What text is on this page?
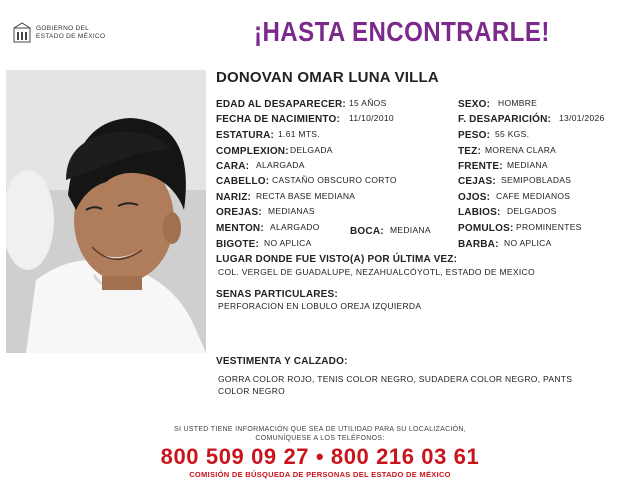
GOBIERNO DEL
ESTADO DE MÉXICO	¡HASTA ENCONTRARLE!
DONOVAN OMAR LUNA VILLA
EDAD AL DESAPARECER: 15 AÑOS
FECHA DE NACIMIENTO: 11/10/2010
ESTATURA: 1.61 MTS.
COMPLEXION: DELGADA
CARA: ALARGADA
CABELLO: CASTAÑO OBSCURO CORTO
NARIZ: RECTA BASE MEDIANA
OREJAS: MEDIANAS
MENTON: ALARGADO	BOCA: MEDIANA
BIGOTE: NO APLICA
SEXO: HOMBRE
F. DESAPARICIÓN: 13/01/2026
PESO: 55 KGS.
TEZ: MORENA CLARA
FRENTE: MEDIANA
CEJAS: SEMIPOBLADAS
OJOS: CAFE MEDIANOS
LABIOS: DELGADOS
POMULOS: PROMINENTES
BARBA: NO APLICA
LUGAR DONDE FUE VISTO(A) POR ÚLTIMA VEZ:
COL. VERGEL DE GUADALUPE, NEZAHUALCÓYOTL, ESTADO DE MEXICO
SENAS PARTICULARES:
PERFORACION EN LOBULO OREJA IZQUIERDA
VESTIMENTA Y CALZADO:
GORRA COLOR ROJO, TENIS COLOR NEGRO, SUDADERA COLOR NEGRO, PANTS
COLOR NEGRO
SI USTED TIENE INFORMACIÓN QUE SEA DE UTILIDAD PARA SU LOCALIZACIÓN,
COMUNÍQUESE A LOS TELÉFONOS:
800 509 09 27 • 800 216 03 61
COMISIÓN DE BÚSQUEDA DE PERSONAS DEL ESTADO DE MÉXICO
